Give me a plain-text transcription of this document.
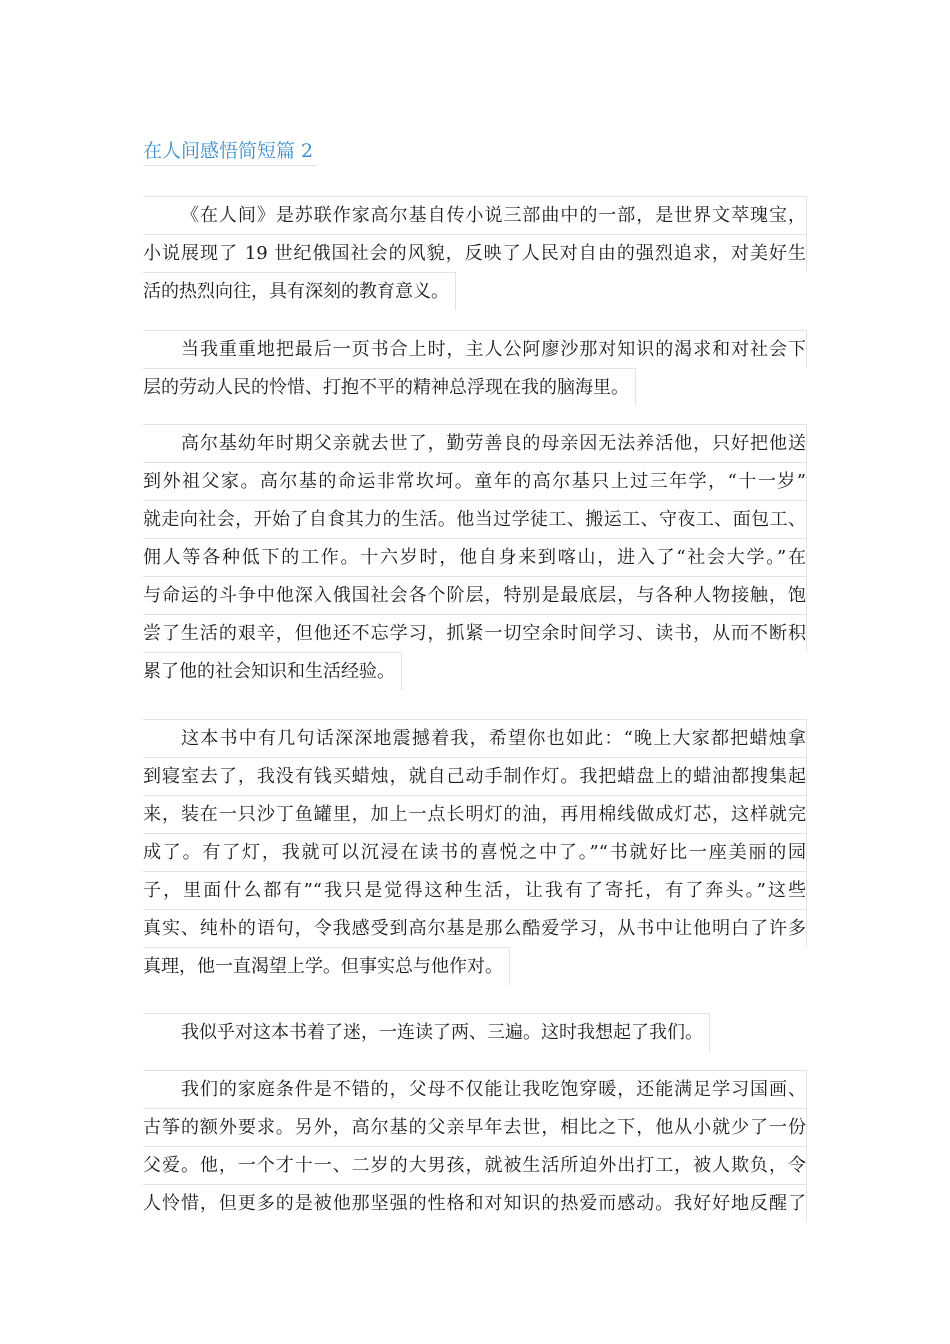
在人间感悟简短篇 2
《在人间》是苏联作家高尔基自传小说三部曲中的一部，是世界文萃瑰宝，
小说展现了 19 世纪俄国社会的风貌，反映了人民对自由的强烈追求，对美好生
活的热烈向往，具有深刻的教育意义。
当我重重地把最后一页书合上时，主人公阿廖沙那对知识的渴求和对社会下
层的劳动人民的怜惜、打抱不平的精神总浮现在我的脑海里。
高尔基幼年时期父亲就去世了，勤劳善良的母亲因无法养活他，只好把他送
到外祖父家。高尔基的命运非常坎坷。童年的高尔基只上过三年学，“十一岁”
就走向社会，开始了自食其力的生活。他当过学徒工、搬运工、守夜工、面包工、
佣人等各种低下的工作。十六岁时，他自身来到喀山，进入了“社会大学。”在
与命运的斗争中他深入俄国社会各个阶层，特别是最底层，与各种人物接触，饱
尝了生活的艰辛，但他还不忘学习，抓紧一切空余时间学习、读书，从而不断积
累了他的社会知识和生活经验。
这本书中有几句话深深地震撼着我，希望你也如此：“晚上大家都把蜡烛拿
到寝室去了，我没有钱买蜡烛，就自己动手制作灯。我把蜡盘上的蜡油都搜集起
来，装在一只沙丁鱼罐里，加上一点长明灯的油，再用棉线做成灯芯，这样就完
成了。有了灯，我就可以沉浸在读书的喜悦之中了。”“书就好比一座美丽的园
子，里面什么都有”“我只是觉得这种生活，让我有了寄托，有了奔头。”这些
真实、纯朴的语句，令我感受到高尔基是那么酷爱学习，从书中让他明白了许多
真理，他一直渴望上学。但事实总与他作对。
我似乎对这本书着了迷，一连读了两、三遍。这时我想起了我们。
我们的家庭条件是不错的，父母不仅能让我吃饱穿暖，还能满足学习国画、
古筝的额外要求。另外，高尔基的父亲早年去世，相比之下，他从小就少了一份
父爱。他，一个才十一、二岁的大男孩，就被生活所迫外出打工，被人欺负，令
人怜惜，但更多的是被他那坚强的性格和对知识的热爱而感动。我好好地反醒了
